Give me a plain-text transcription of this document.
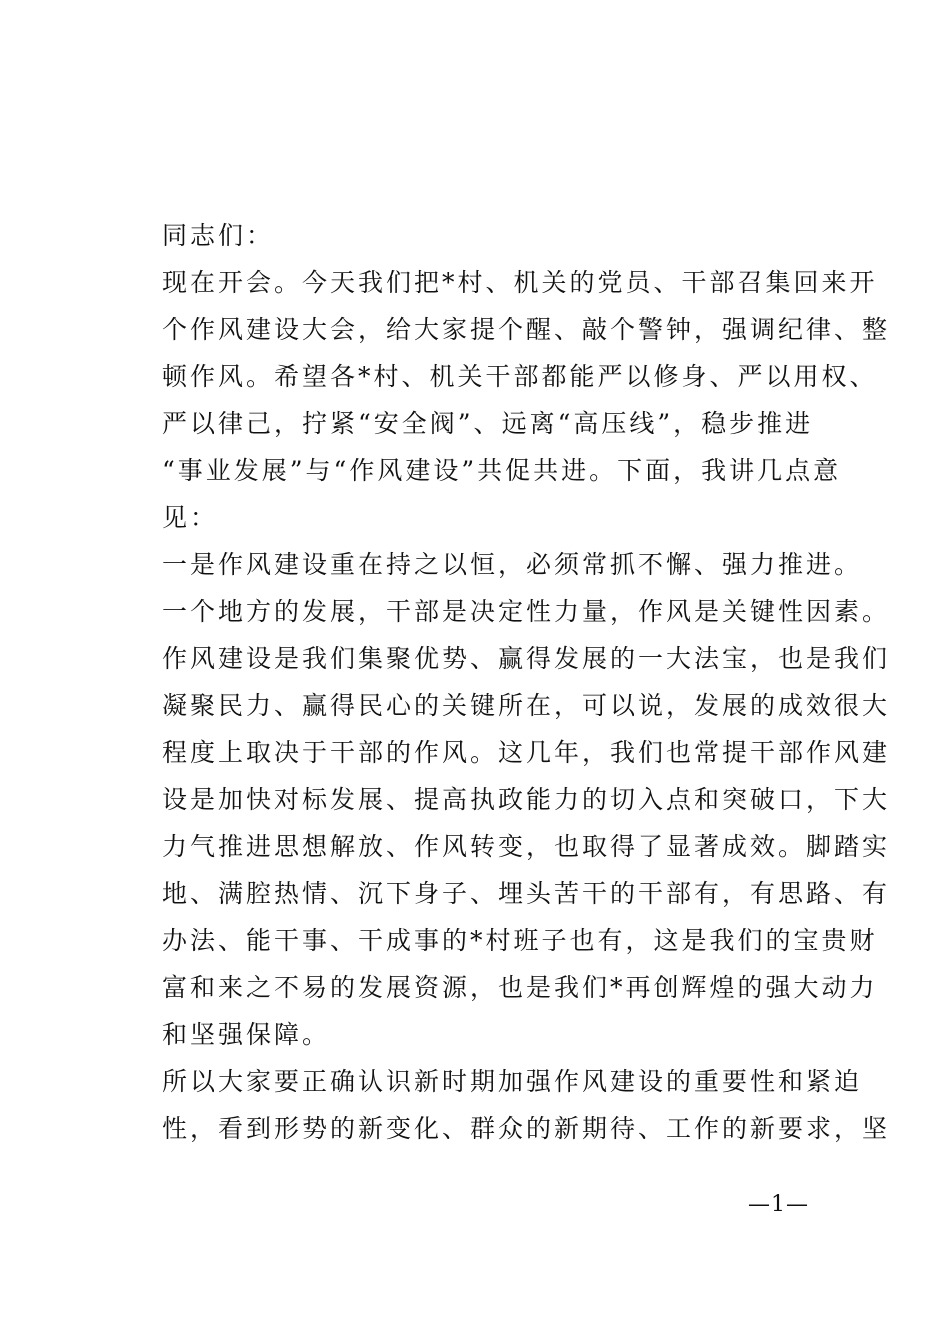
同志们：
现在开会。今天我们把*村、机关的党员、干部召集回来开
个作风建设大会，给大家提个醒、敲个警钟，强调纪律、整
顿作风。希望各*村、机关干部都能严以修身、严以用权、
严以律己，拧紧“安全阀”、远离“高压线”，稳步推进
“事业发展”与“作风建设”共促共进。下面，我讲几点意
见：
一是作风建设重在持之以恒，必须常抓不懈、强力推进。
一个地方的发展，干部是决定性力量，作风是关键性因素。
作风建设是我们集聚优势、赢得发展的一大法宝，也是我们
凝聚民力、赢得民心的关键所在，可以说，发展的成效很大
程度上取决于干部的作风。这几年，我们也常提干部作风建
设是加快对标发展、提高执政能力的切入点和突破口，下大
力气推进思想解放、作风转变，也取得了显著成效。脚踏实
地、满腔热情、沉下身子、埋头苦干的干部有，有思路、有
办法、能干事、干成事的*村班子也有，这是我们的宝贵财
富和来之不易的发展资源，也是我们*再创辉煌的强大动力
和坚强保障。
所以大家要正确认识新时期加强作风建设的重要性和紧迫
性，看到形势的新变化、群众的新期待、工作的新要求，坚
—1—
